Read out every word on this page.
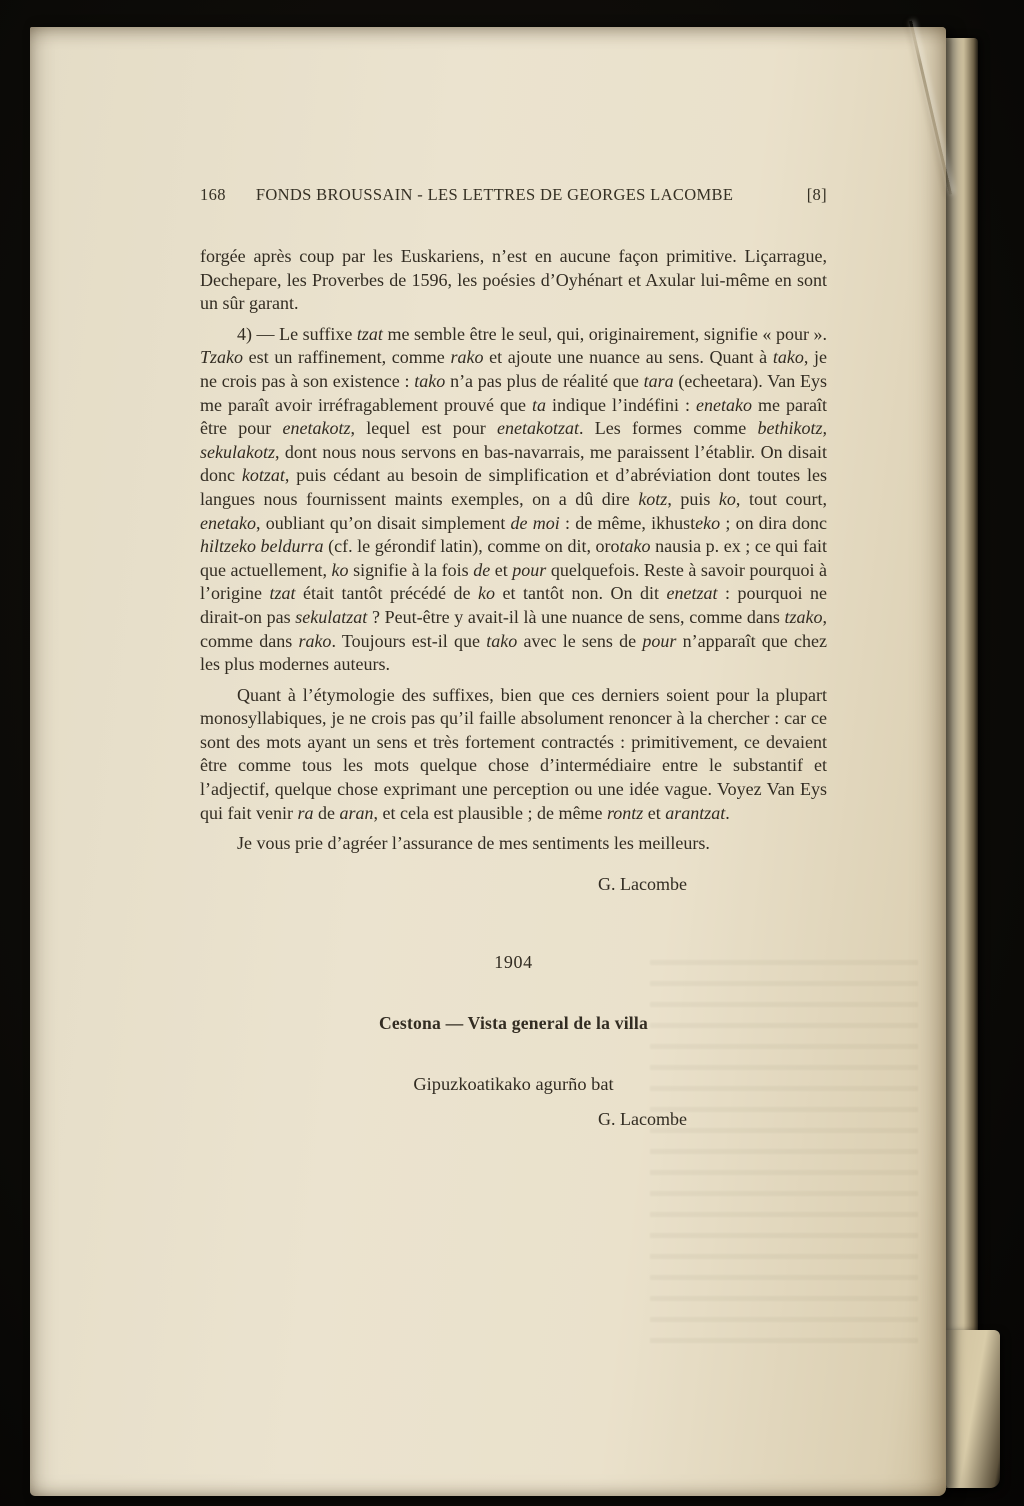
168 FONDS BROUSSAIN - LES LETTRES DE GEORGES LACOMBE	[8]

forgée après coup par les Euskariens, n’est en aucune façon primitive. Liçarrague, Dechepare, les Proverbes de 1596, les poésies d’Oyhénart et Axular lui-même en sont un sûr garant.

4) — Le suffixe tzat me semble être le seul, qui, originairement, signifie « pour ». Tzako est un raffinement, comme rako et ajoute une nuance au sens. Quant à tako, je ne crois pas à son existence : tako n’a pas plus de réalité que tara (echeetara). Van Eys me paraît avoir irréfragablement prouvé que ta indique l’indéfini : enetako me paraît être pour enetakotz, lequel est pour enetakotzat. Les formes comme bethikotz, sekulakotz, dont nous nous servons en bas-navarrais, me paraissent l’établir. On disait donc kotzat, puis cédant au besoin de simplification et d’abréviation dont toutes les langues nous fournissent maints exemples, on a dû dire kotz, puis ko, tout court, enetako, oubliant qu’on disait simplement de moi : de même, ikhusteko ; on dira donc hiltzeko beldurra (cf. le gérondif latin), comme on dit, orotako nausia p. ex ; ce qui fait que actuellement, ko signifie à la fois de et pour quelquefois. Reste à savoir pourquoi à l’origine tzat était tantôt précédé de ko et tantôt non. On dit enetzat : pourquoi ne dirait-on pas sekulatzat ? Peut-être y avait-il là une nuance de sens, comme dans tzako, comme dans rako. Toujours est-il que tako avec le sens de pour n’apparaît que chez les plus modernes auteurs.

Quant à l’étymologie des suffixes, bien que ces derniers soient pour la plupart monosyllabiques, je ne crois pas qu’il faille absolument renoncer à la chercher : car ce sont des mots ayant un sens et très fortement contractés : primitivement, ce devaient être comme tous les mots quelque chose d’intermédiaire entre le substantif et l’adjectif, quelque chose exprimant une perception ou une idée vague. Voyez Van Eys qui fait venir ra de aran, et cela est plausible ; de même rontz et arantzat.

Je vous prie d’agréer l’assurance de mes sentiments les meilleurs.

G. Lacombe
1904
Cestona — Vista general de la villa
Gipuzkoatikako agurño bat
G. Lacombe
